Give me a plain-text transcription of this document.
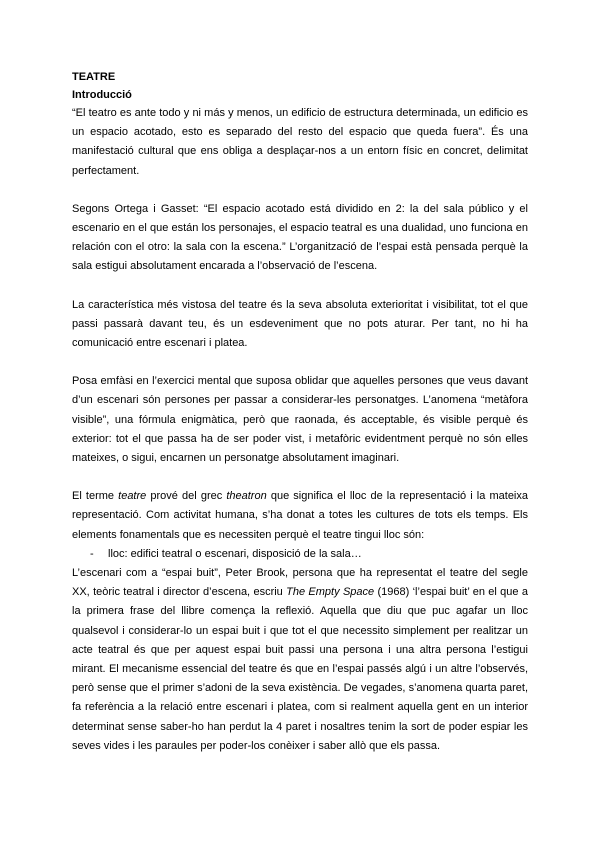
TEATRE
Introducció

“El teatro es ante todo y ni más y menos, un edificio de estructura determinada, un edificio es un espacio acotado, esto es separado del resto del espacio que queda fuera”. És una manifestació cultural que ens obliga a desplaçar-nos a un entorn físic en concret, delimitat perfectament.

Segons Ortega i Gasset: “El espacio acotado está dividido en 2: la del sala público y el escenario en el que están los personajes, el espacio teatral es una dualidad, uno funciona en relación con el otro: la sala con la escena.” L’organització de l’espai està pensada perquè la sala estigui absolutament encarada a l’observació de l’escena.

La característica més vistosa del teatre és la seva absoluta exterioritat i visibilitat, tot el que passi passarà davant teu, és un esdeveniment que no pots aturar. Per tant, no hi ha comunicació entre escenari i platea.

Posa emfàsi en l’exercici mental que suposa oblidar que aquelles persones que veus davant d’un escenari són persones per passar a considerar-les personatges. L’anomena “metàfora visible”, una fórmula enigmàtica, però que raonada, és acceptable, és visible perquè és exterior: tot el que passa ha de ser poder vist, i metafòric evidentment perquè no són elles mateixes, o sigui, encarnen un personatge absolutament imaginari.

El terme teatre prové del grec theatron que significa el lloc de la representació i la mateixa representació. Com activitat humana, s’ha donat a totes les cultures de tots els temps. Els elements fonamentals que es necessiten perquè el teatre tingui lloc són:

-	lloc: edifici teatral o escenari, disposició de la sala…

L’escenari com a “espai buit”, Peter Brook, persona que ha representat el teatre del segle XX, teòric teatral i director d’escena, escriu The Empty Space (1968) ‘l’espai buit’ en el que a la primera frase del llibre comença la reflexió. Aquella que diu que puc agafar un lloc qualsevol i considerar-lo un espai buit i que tot el que necessito simplement per realitzar un acte teatral és que per aquest espai buit passi una persona i una altra persona l’estigui mirant. El mecanisme essencial del teatre és que en l’espai passés algú i un altre l’observés, però sense que el primer s’adoni de la seva existència. De vegades, s’anomena quarta paret, fa referència a la relació entre escenari i platea, com si realment aquella gent en un interior determinat sense saber-ho han perdut la 4 paret i nosaltres tenim la sort de poder espiar les seves vides i les paraules per poder-los conèixer i saber allò que els passa.
